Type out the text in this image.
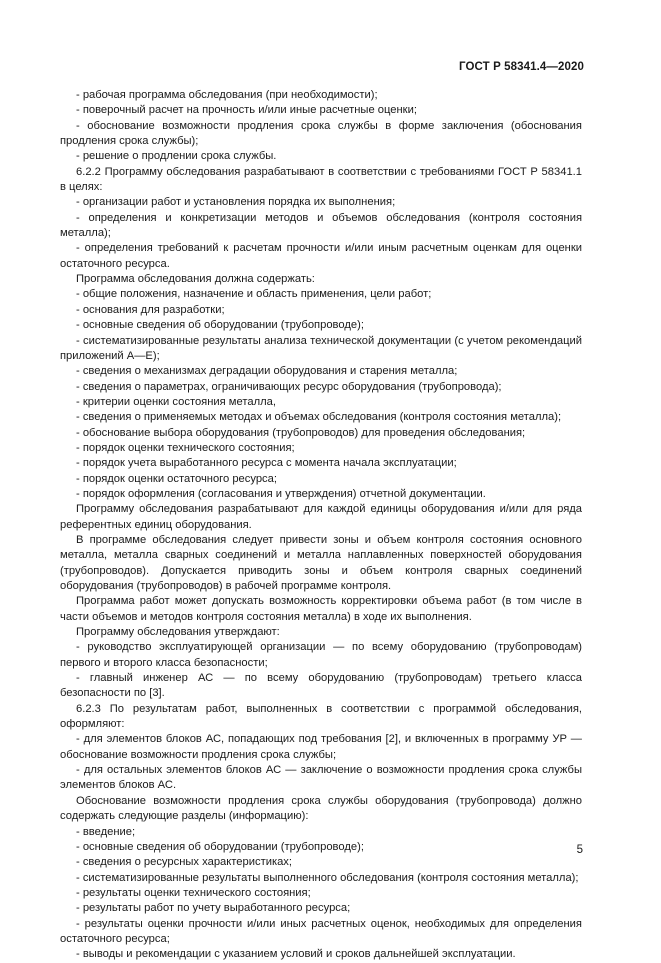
ГОСТ Р 58341.4—2020

- рабочая программа обследования (при необходимости);

- поверочный расчет на прочность и/или иные расчетные оценки;

- обоснование возможности продления срока службы в форме заключения (обоснования продления срока службы);

- решение о продлении срока службы.

6.2.2 Программу обследования разрабатывают в соответствии с требованиями ГОСТ Р 58341.1 в целях:

- организации работ и установления порядка их выполнения;

- определения и конкретизации методов и объемов обследования (контроля состояния металла);

- определения требований к расчетам прочности и/или иным расчетным оценкам для оценки остаточного ресурса.

Программа обследования должна содержать:

- общие положения, назначение и область применения, цели работ;

- основания для разработки;

- основные сведения об оборудовании (трубопроводе);

- систематизированные результаты анализа технической документации (с учетом рекомендаций приложений А—Е);

- сведения о механизмах деградации оборудования и старения металла;

- сведения о параметрах, ограничивающих ресурс оборудования (трубопровода);

- критерии оценки состояния металла,

- сведения о применяемых методах и объемах обследования (контроля состояния металла);

- обоснование выбора оборудования (трубопроводов) для проведения обследования;

- порядок оценки технического состояния;

- порядок учета выработанного ресурса с момента начала эксплуатации;

- порядок оценки остаточного ресурса;

- порядок оформления (согласования и утверждения) отчетной документации.

Программу обследования разрабатывают для каждой единицы оборудования и/или для ряда референтных единиц оборудования.

В программе обследования следует привести зоны и объем контроля состояния основного металла, металла сварных соединений и металла наплавленных поверхностей оборудования (трубопроводов). Допускается приводить зоны и объем контроля сварных соединений оборудования (трубопроводов) в рабочей программе контроля.

Программа работ может допускать возможность корректировки объема работ (в том числе в части объемов и методов контроля состояния металла) в ходе их выполнения.

Программу обследования утверждают:

- руководство эксплуатирующей организации — по всему оборудованию (трубопроводам) первого и второго класса безопасности;

- главный инженер АС — по всему оборудованию (трубопроводам) третьего класса безопасности по [3].

6.2.3 По результатам работ, выполненных в соответствии с программой обследования, оформляют:

- для элементов блоков АС, попадающих под требования [2], и включенных в программу УР — обоснование возможности продления срока службы;

- для остальных элементов блоков АС — заключение о возможности продления срока службы элементов блоков АС.

Обоснование возможности продления срока службы оборудования (трубопровода) должно содержать следующие разделы (информацию):

- введение;

- основные сведения об оборудовании (трубопроводе);

- сведения о ресурсных характеристиках;

- систематизированные результаты выполненного обследования (контроля состояния металла);

- результаты оценки технического состояния;

- результаты работ по учету выработанного ресурса;

- результаты оценки прочности и/или иных расчетных оценок, необходимых для определения остаточного ресурса;

- выводы и рекомендации с указанием условий и сроков дальнейшей эксплуатации.

5
